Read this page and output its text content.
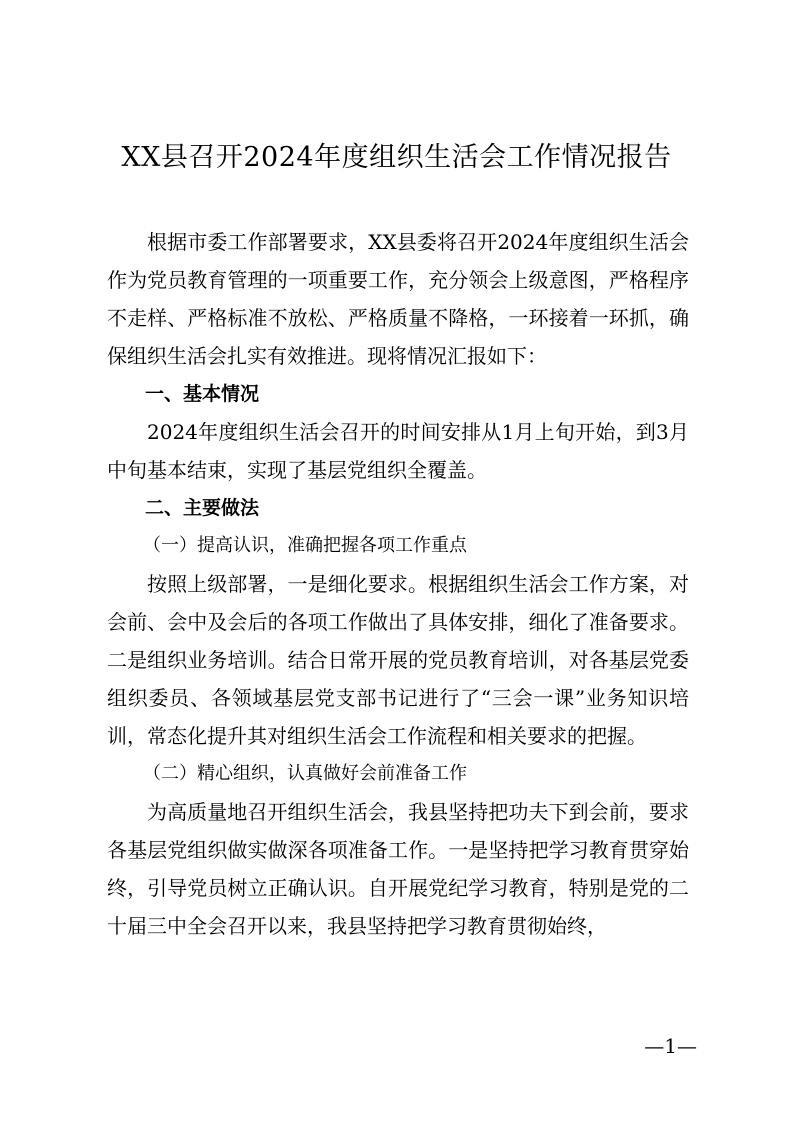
XX县召开2024年度组织生活会工作情况报告

根据市委工作部署要求，XX县委将召开2024年度组织生活会作为党员教育管理的一项重要工作，充分领会上级意图，严格程序不走样、严格标准不放松、严格质量不降格，一环接着一环抓，确保组织生活会扎实有效推进。现将情况汇报如下：

一、基本情况

2024年度组织生活会召开的时间安排从1月上旬开始，到3月中旬基本结束，实现了基层党组织全覆盖。

二、主要做法

（一）提高认识，准确把握各项工作重点

按照上级部署，一是细化要求。根据组织生活会工作方案，对会前、会中及会后的各项工作做出了具体安排，细化了准备要求。二是组织业务培训。结合日常开展的党员教育培训，对各基层党委组织委员、各领域基层党支部书记进行了“三会一课”业务知识培训，常态化提升其对组织生活会工作流程和相关要求的把握。

（二）精心组织，认真做好会前准备工作

为高质量地召开组织生活会，我县坚持把功夫下到会前，要求各基层党组织做实做深各项准备工作。一是坚持把学习教育贯穿始终，引导党员树立正确认识。自开展党纪学习教育，特别是党的二十届三中全会召开以来，我县坚持把学习教育贯彻始终，

—1—
